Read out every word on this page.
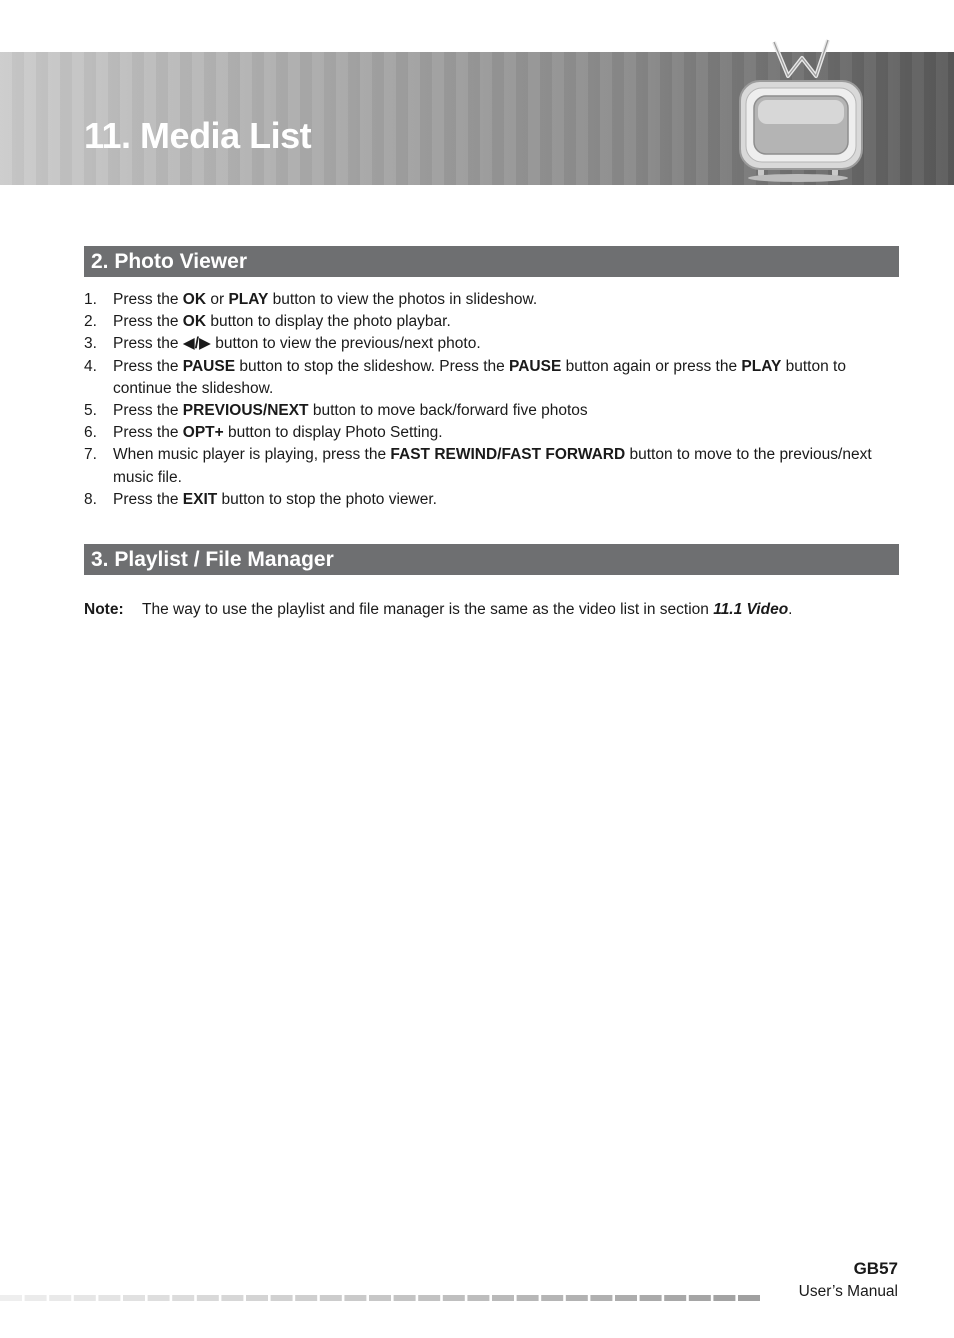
11. Media List
2. Photo Viewer
1. Press the OK or PLAY button to view the photos in slideshow.
2. Press the OK button to display the photo playbar.
3. Press the ◀/▶ button to view the previous/next photo.
4. Press the PAUSE button to stop the slideshow. Press the PAUSE button again or press the PLAY button to continue the slideshow.
5. Press the PREVIOUS/NEXT button to move back/forward five photos
6. Press the OPT+ button to display Photo Setting.
7. When music player is playing, press the FAST REWIND/FAST FORWARD button to move to the previous/next music file.
8. Press the EXIT button to stop the photo viewer.
3. Playlist / File Manager
Note: The way to use the playlist and file manager is the same as the video list in section 11.1 Video.
GB57
User’s Manual
